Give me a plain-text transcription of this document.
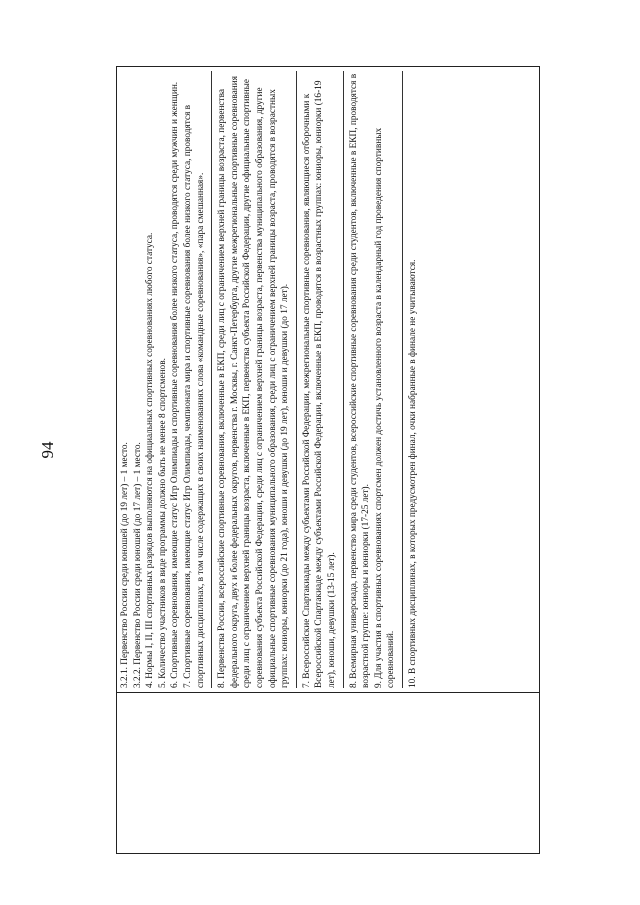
94	3.2.1. Первенство России среди юношей (до 19 лет) – 1 место. 3.2.2. Первенство России среди юношей (до 17 лет) – 1 место. 4. Нормы I, II, III спортивных разрядов выполняются на официальных спортивных соревнованиях любого статуса. 5. Количество участников в виде программы должно быть не менее 8 спортсменов. 6. Спортивные соревнования, имеющие статус Игр Олимпиады и спортивные соревнования более низкого статуса, проводятся среди мужчин и женщин. 7. Спортивные соревнования, имеющие статус Игр Олимпиады, чемпионата мира и спортивные соревнования более низкого статуса, проводятся в спортивных дисциплинах, в том числе содержащих в своих наименованиях слова «командные соревнования», «пара смешанная». 8. Первенства России, всероссийские спортивные соревнования, включенные в ЕКП, среди лиц с ограничением верхней границы возраста, первенства федерального округа, двух и более федеральных округов, первенства г. Москвы, г. Санкт-Петербурга, другие межрегиональные спортивные соревнования среди лиц с ограничением верхней границы возраста, включенные в ЕКП, первенства субъекта Российской Федерации, другие официальные спортивные соревнования субъекта Российской Федерации, среди лиц с ограничением верхней границы возраста, первенства муниципального образования, другие официальные спортивные соревнования муниципального образования, среди лиц с ограничением верхней границы возраста, проводятся в возрастных группах: юниоры, юниорки (до 21 года), юноши и девушки (до 19 лет), юноши и девушки (до 17 лет). 7. Всероссийские Спартакиады между субъектами Российской Федерации, межрегиональные спортивные соревнования, являющиеся отборочными к Всероссийской Спартакиаде между субъектами Российской Федерации, включенные в ЕКП, проводятся в возрастных группах: юниоры, юниорки (16-19 лет), юноши, девушки (13-15 лет). 8. Всемирная универсиада, первенство мира среди студентов, всероссийские спортивные соревнования среди студентов, включенные в ЕКП, проводятся в возрастной группе: юниоры и юниорки (17-25 лет). 9. Для участия в спортивных соревнованиях спортсмен должен достичь установленного возраста в календарный год проведения спортивных соревнований. 10. В спортивных дисциплинах, в которых предусмотрен финал, очки набранные в финале не учитываются.
